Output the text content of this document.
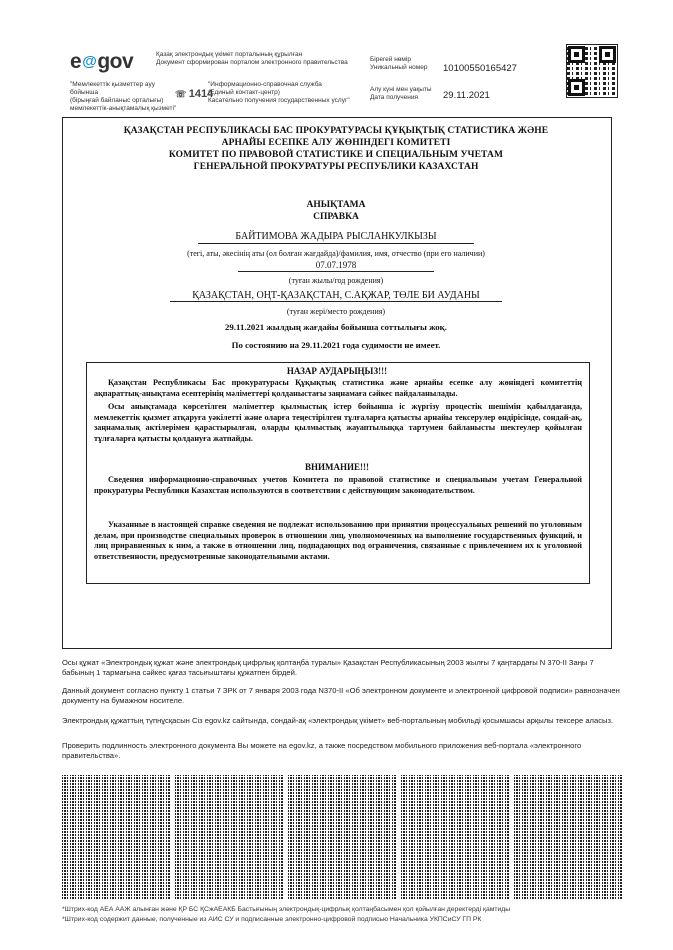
e@gov	Қазақ электрондық үкімет порталының құрылған
Документ сформирован порталом электронного правительства
"Мемлекеттік қызметтер ауу бойынша
(бірыңғай байланыс орталығы)
мемлекеттік-анықтамалық қызметі"
☏ 1414
"Информационно-справочная служба
(Единый контакт-центр)
Касательно получения государственных услуг"
Бірегей нөмір
Уникальный номер 10100550165427
Алу күні мен уақыты
Дата получения	29.11.2021
ҚАЗАҚСТАН РЕСПУБЛИКАСЫ БАС ПРОКУРАТУРАСЫ ҚҰҚЫҚТЫҚ СТАТИСТИКА ЖӘНЕ
АРНАЙЫ ЕСЕПКЕ АЛУ ЖӨНІНДЕГІ КОМИТЕТІ
КОМИТЕТ ПО ПРАВОВОЙ СТАТИСТИКЕ И СПЕЦИАЛЬНЫМ УЧЕТАМ
ГЕНЕРАЛЬНОЙ ПРОКУРАТУРЫ РЕСПУБЛИКИ КАЗАХСТАН
АНЫҚТАМА
СПРАВКА
БАЙТИМОВА ЖАДЫРА РЫСЛАНКУЛКЫЗЫ
(тегі, аты, әкесінің аты (ол болған жағдайда)/фамилия, имя, отчество (при его наличии)
07.07.1978
(туған жылы/год рождения)
ҚАЗАҚСТАН, ОҢТ-ҚАЗАҚСТАН, С.АҚЖАР, ТӨЛЕ БИ АУДАНЫ
(туған жері/место рождения)
29.11.2021 жылдың жағдайы бойынша соттылығы жоқ.
По состоянию на 29.11.2021 года судимости не имеет.
НАЗАР АУДАРЫҢЫЗ!!!
Қазақстан Республикасы Бас прокуратурасы Құқықтық статистика және арнайы есепке алу жөніндегі комитеттің ақпараттық-анықтама есептерінің мәліметтері қолданыстағы заңнамаға сәйкес пайдаланылады.
Осы анықтамада көрсетілген мәліметтер қылмыстық істер бойынша іс жүргізу процестік шешімін қабылдағанда, мемлекеттік қызмет атқаруға уәкілетті және оларға теңестірілген тұлғаларға қатысты арнайы тексерулер өндірісінде, сондай-ақ, заңнамалық актілерімен қарастырылған, оларды қылмыстық жауаптылыққа тартумен байланысты шектеулер қойылған тұлғаларға қатысты қолдануға жатпайды.
ВНИМАНИЕ!!!
Сведения информационно-справочных учетов Комитета по правовой статистике и специальным учетам Генеральной прокуратуры Республики Казахстан используются в соответствии с действующим законодательством.
Указанные в настоящей справке сведения не подлежат использованию при принятии процессуальных решений по уголовным делам, при производстве специальных проверок в отношении лиц, уполномоченных на выполнение государственных функций, и лиц приравненных к ним, а также в отношении лиц, подпадающих под ограничения, связанные с привлечением их к уголовной ответственности, предусмотренные законодательными актами.
Осы құжат «Электрондық құжат және электрондық цифрлық қолтаңба туралы» Қазақстан Республикасының 2003 жылғы 7 қаңтардағы N 370-II Заңы 7 бабының 1 тармағына сәйкес қағаз тасығыштағы құжатпен бірдей.
Данный документ согласно пункту 1 статьи 7 ЗРК от 7 января 2003 года N370-II «Об электронном документе и электронной цифровой подписи» равнозначен документу на бумажном носителе.
Электрондық құжаттың түпнұсқасын Сіз egov.kz сайтында, сондай-ақ «электрондық үкімет» веб-порталының мобильді қосымшасы арқылы тексере аласыз.
Проверить подлинность электронного документа Вы можете на egov.kz, а также посредством мобильного приложения веб-портала «электронного правительства».
*Штрих-код АЕА ААЖ алынған және ҚР БС ҚСжАЕАКБ Бастығының электрондық-цифрлық қолтаңбасымен қол қойылған деректерді қамтиды
*Штрих-код содержит данные, полученные из АИС СУ и подписанные электронно-цифровой подписью Начальника УКПСиСУ ГП РК
